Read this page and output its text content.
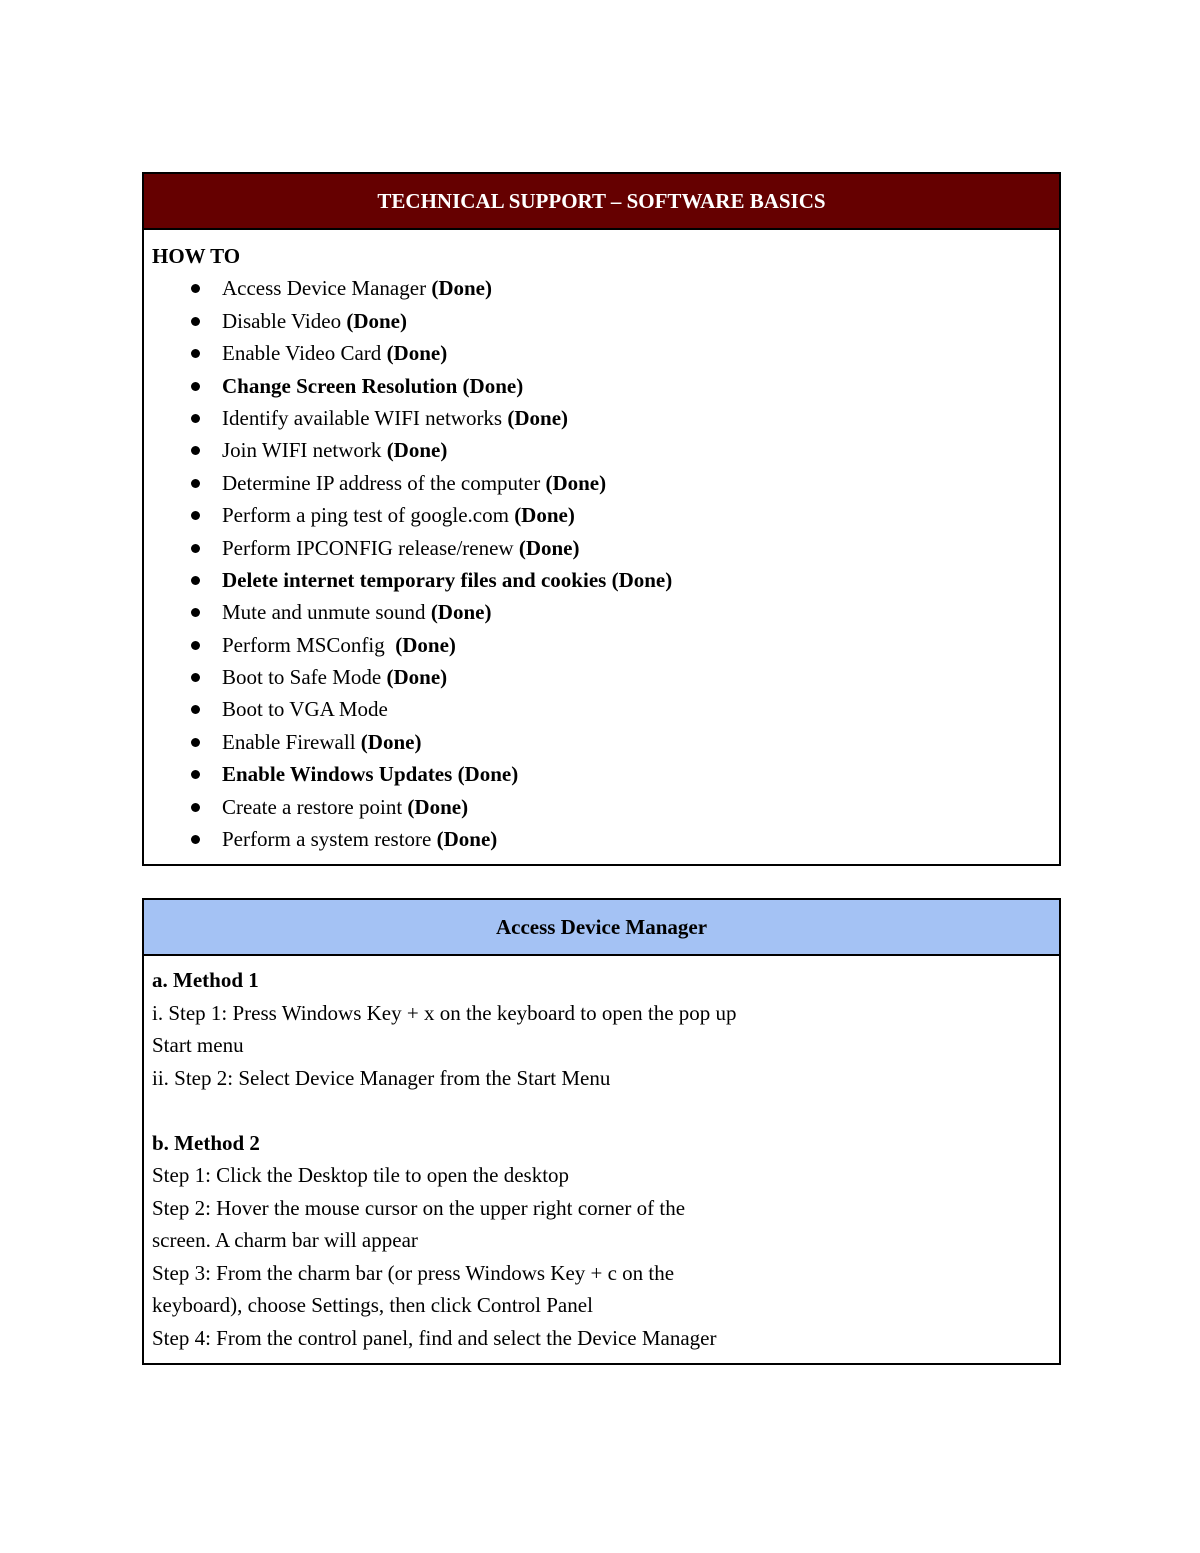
TECHNICAL SUPPORT – SOFTWARE BASICS
HOW TO
Access Device Manager (Done)
Disable Video (Done)
Enable Video Card (Done)
Change Screen Resolution (Done)
Identify available WIFI networks (Done)
Join WIFI network (Done)
Determine IP address of the computer (Done)
Perform a ping test of google.com (Done)
Perform IPCONFIG release/renew (Done)
Delete internet temporary files and cookies (Done)
Mute and unmute sound (Done)
Perform MSConfig  (Done)
Boot to Safe Mode (Done)
Boot to VGA Mode
Enable Firewall (Done)
Enable Windows Updates (Done)
Create a restore point (Done)
Perform a system restore (Done)
Access Device Manager
a. Method 1
i. Step 1: Press Windows Key + x on the keyboard to open the pop up
Start menu
ii. Step 2: Select Device Manager from the Start Menu
b. Method 2
Step 1: Click the Desktop tile to open the desktop
Step 2: Hover the mouse cursor on the upper right corner of the
screen. A charm bar will appear
Step 3: From the charm bar (or press Windows Key + c on the
keyboard), choose Settings, then click Control Panel
Step 4: From the control panel, find and select the Device Manager
